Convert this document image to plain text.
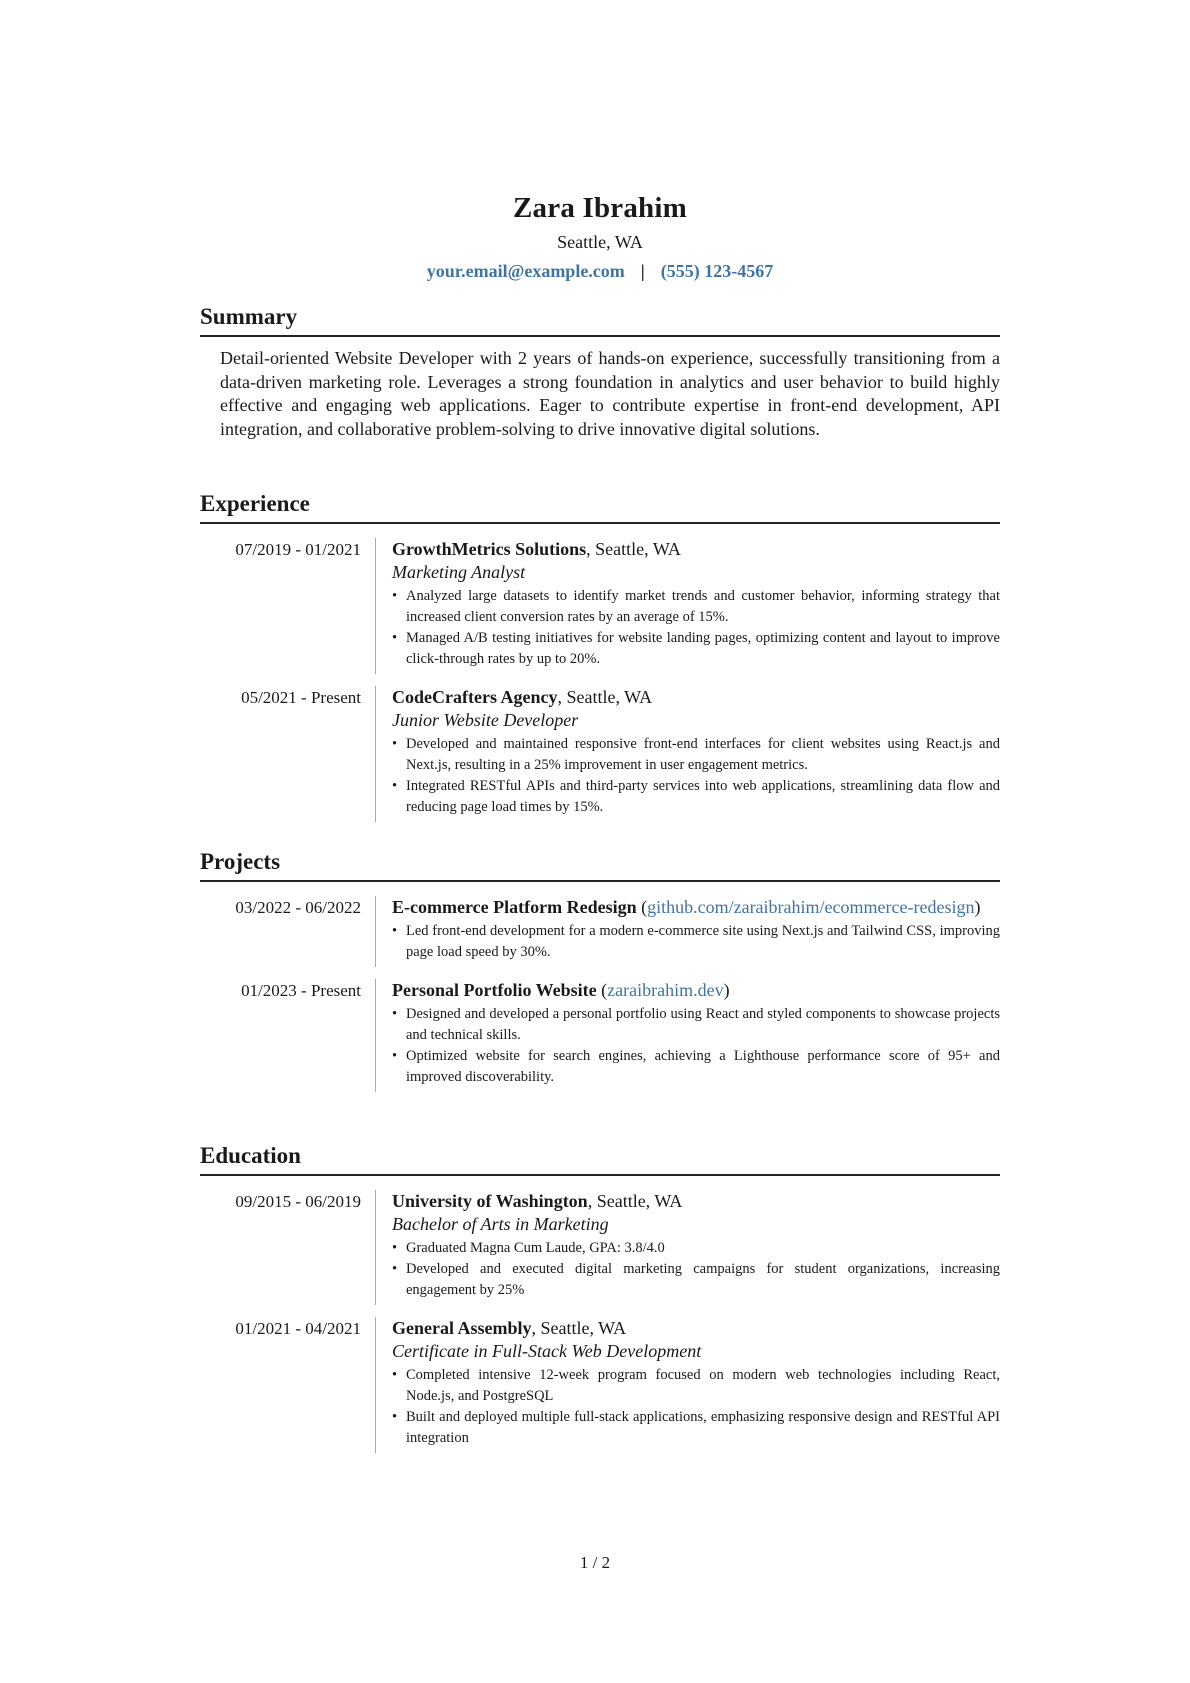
Zara Ibrahim
Seattle, WA
your.email@example.com | (555) 123-4567
Summary
Detail-oriented Website Developer with 2 years of hands-on experience, successfully transitioning from a data-driven marketing role. Leverages a strong foundation in analytics and user behavior to build highly effective and engaging web applications. Eager to contribute expertise in front-end development, API integration, and collaborative problem-solving to drive innovative digital solutions.
Experience
07/2019 - 01/2021	GrowthMetrics Solutions, Seattle, WA
Marketing Analyst
• Analyzed large datasets to identify market trends and customer behavior, informing strategy that increased client conversion rates by an average of 15%.
• Managed A/B testing initiatives for website landing pages, optimizing content and layout to improve click-through rates by up to 20%.
05/2021 - Present	CodeCrafters Agency, Seattle, WA
Junior Website Developer
• Developed and maintained responsive front-end interfaces for client websites using React.js and Next.js, resulting in a 25% improvement in user engagement metrics.
• Integrated RESTful APIs and third-party services into web applications, streamlining data flow and reducing page load times by 15%.
Projects
03/2022 - 06/2022	E-commerce Platform Redesign (github.com/zaraibrahim/ecommerce-redesign)
• Led front-end development for a modern e-commerce site using Next.js and Tailwind CSS, improving page load speed by 30%.
01/2023 - Present	Personal Portfolio Website (zaraibrahim.dev)
• Designed and developed a personal portfolio using React and styled components to showcase projects and technical skills.
• Optimized website for search engines, achieving a Lighthouse performance score of 95+ and improved discoverability.
Education
09/2015 - 06/2019	University of Washington, Seattle, WA
Bachelor of Arts in Marketing
• Graduated Magna Cum Laude, GPA: 3.8/4.0
• Developed and executed digital marketing campaigns for student organizations, increasing engagement by 25%
01/2021 - 04/2021	General Assembly, Seattle, WA
Certificate in Full-Stack Web Development
• Completed intensive 12-week program focused on modern web technologies including React, Node.js, and PostgreSQL
• Built and deployed multiple full-stack applications, emphasizing responsive design and RESTful API integration
1 / 2
